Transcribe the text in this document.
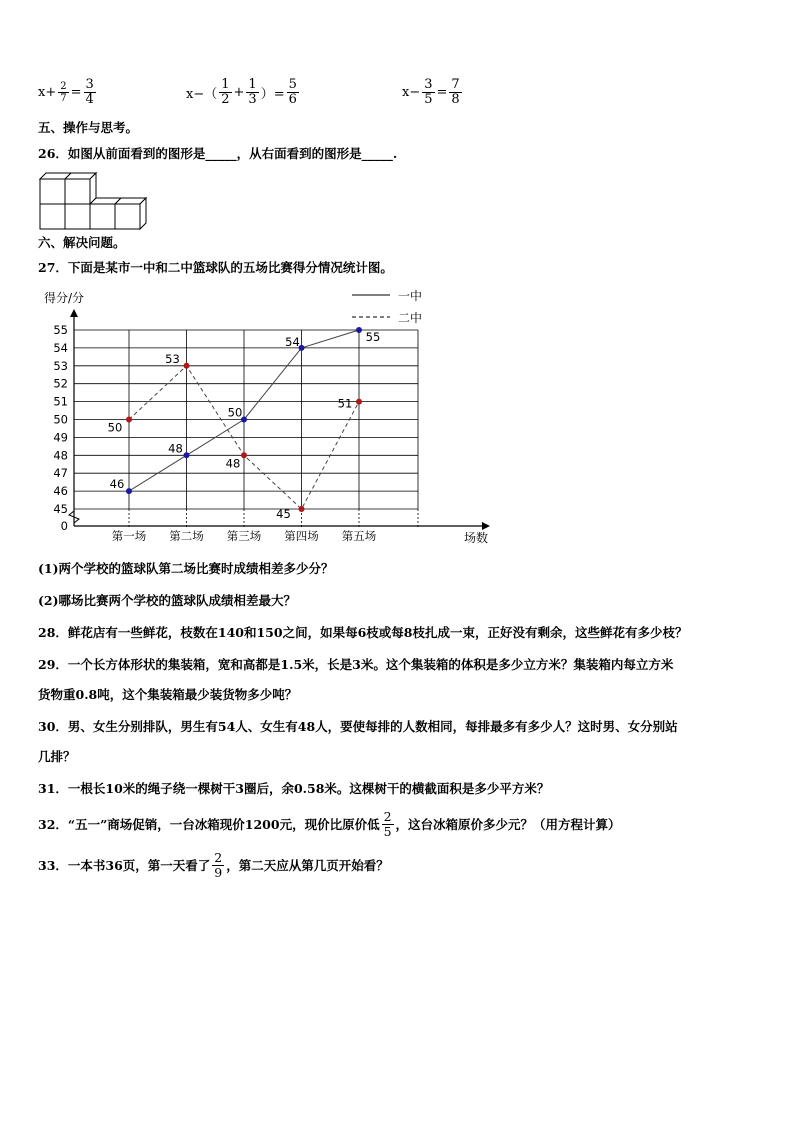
$x+ \frac{2}{7} = \frac{3}{4}$	$x-( \frac{1}{2} + \frac{1}{3}$ ）= $\frac{5}{6}$	$x- \frac{3}{5} = \frac{7}{8}$
五、操作与思考。
26．如图从前面看到的图形是_____，从右面看到的图形是_____.
六、解决问题。
27．下面是某市一中和二中篮球队的五场比赛得分情况统计图。
得分/分
0
45
46
47
48
49
50
51
52
53
54
55
第一场 第二场 第三场 第四场 第五场
46
48
50
54	55
50
53
48
45
51
一中
二中
场数
(1)两个学校的篮球队第二场比赛时成绩相差多少分？
(2)哪场比赛两个学校的篮球队成绩相差最大？
28．鲜花店有一些鲜花，枝数在140和150之间，如果每6枝或每8枝扎成一束，正好没有剩余，这些鲜花有多少枝？
29．一个长方体形状的集装箱，宽和高都是1.5米，长是3米。这个集装箱的体积是多少立方米？集装箱内每立方米
货物重0.8吨，这个集装箱最少装货物多少吨？
30．男、女生分别排队，男生有54人、女生有48人，要使每排的人数相同，每排最多有多少人？这时男、女分别站
几排？
31．一根长10米的绳子绕一棵树干3圈后，余0.58米。这棵树干的横截面积是多少平方米？
32．“五一”商场促销，一台冰箱现价1200元，现价比原价低 $\frac{2}{5}$ ，这台冰箱原价多少元？（用方程计算）
33．一本书36页，第一天看了 $\frac{2}{9}$ ，第二天应从第几页开始看？
